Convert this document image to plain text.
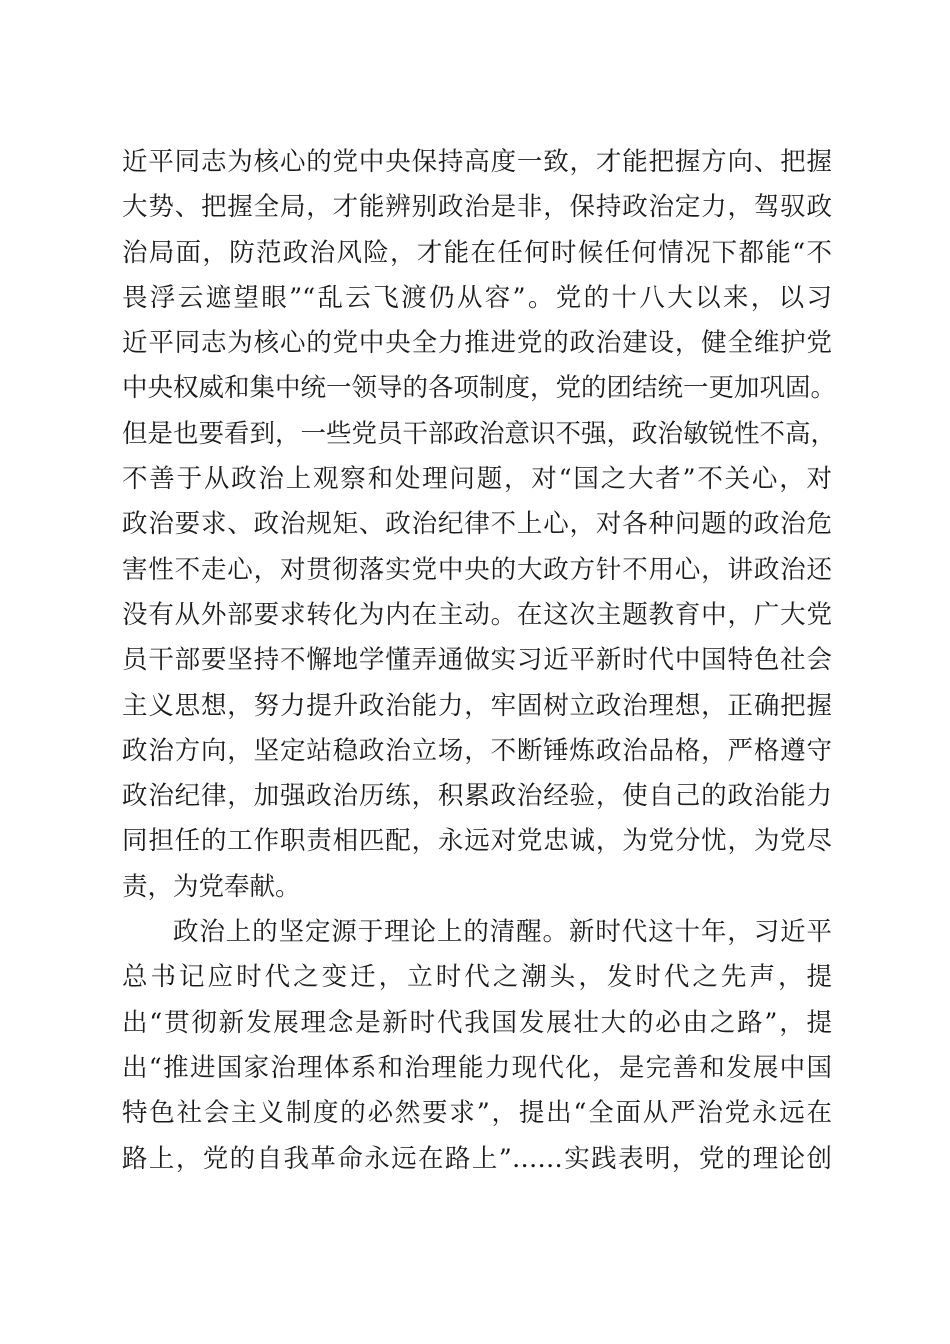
近平同志为核心的党中央保持高度一致，才能把握方向、把握
大势、把握全局，才能辨别政治是非，保持政治定力，驾驭政
治局面，防范政治风险，才能在任何时候任何情况下都能“不
畏浮云遮望眼”“乱云飞渡仍从容”。党的十八大以来，以习
近平同志为核心的党中央全力推进党的政治建设，健全维护党
中央权威和集中统一领导的各项制度，党的团结统一更加巩固。
但是也要看到，一些党员干部政治意识不强，政治敏锐性不高，
不善于从政治上观察和处理问题，对“国之大者”不关心，对
政治要求、政治规矩、政治纪律不上心，对各种问题的政治危
害性不走心，对贯彻落实党中央的大政方针不用心，讲政治还
没有从外部要求转化为内在主动。在这次主题教育中，广大党
员干部要坚持不懈地学懂弄通做实习近平新时代中国特色社会
主义思想，努力提升政治能力，牢固树立政治理想，正确把握
政治方向，坚定站稳政治立场，不断锤炼政治品格，严格遵守
政治纪律，加强政治历练，积累政治经验，使自己的政治能力
同担任的工作职责相匹配，永远对党忠诚，为党分忧，为党尽
责，为党奉献。
政治上的坚定源于理论上的清醒。新时代这十年，习近平
总书记应时代之变迁，立时代之潮头，发时代之先声，提
出“贯彻新发展理念是新时代我国发展壮大的必由之路”，提
出“推进国家治理体系和治理能力现代化，是完善和发展中国
特色社会主义制度的必然要求”，提出“全面从严治党永远在
路上，党的自我革命永远在路上”……实践表明，党的理论创
